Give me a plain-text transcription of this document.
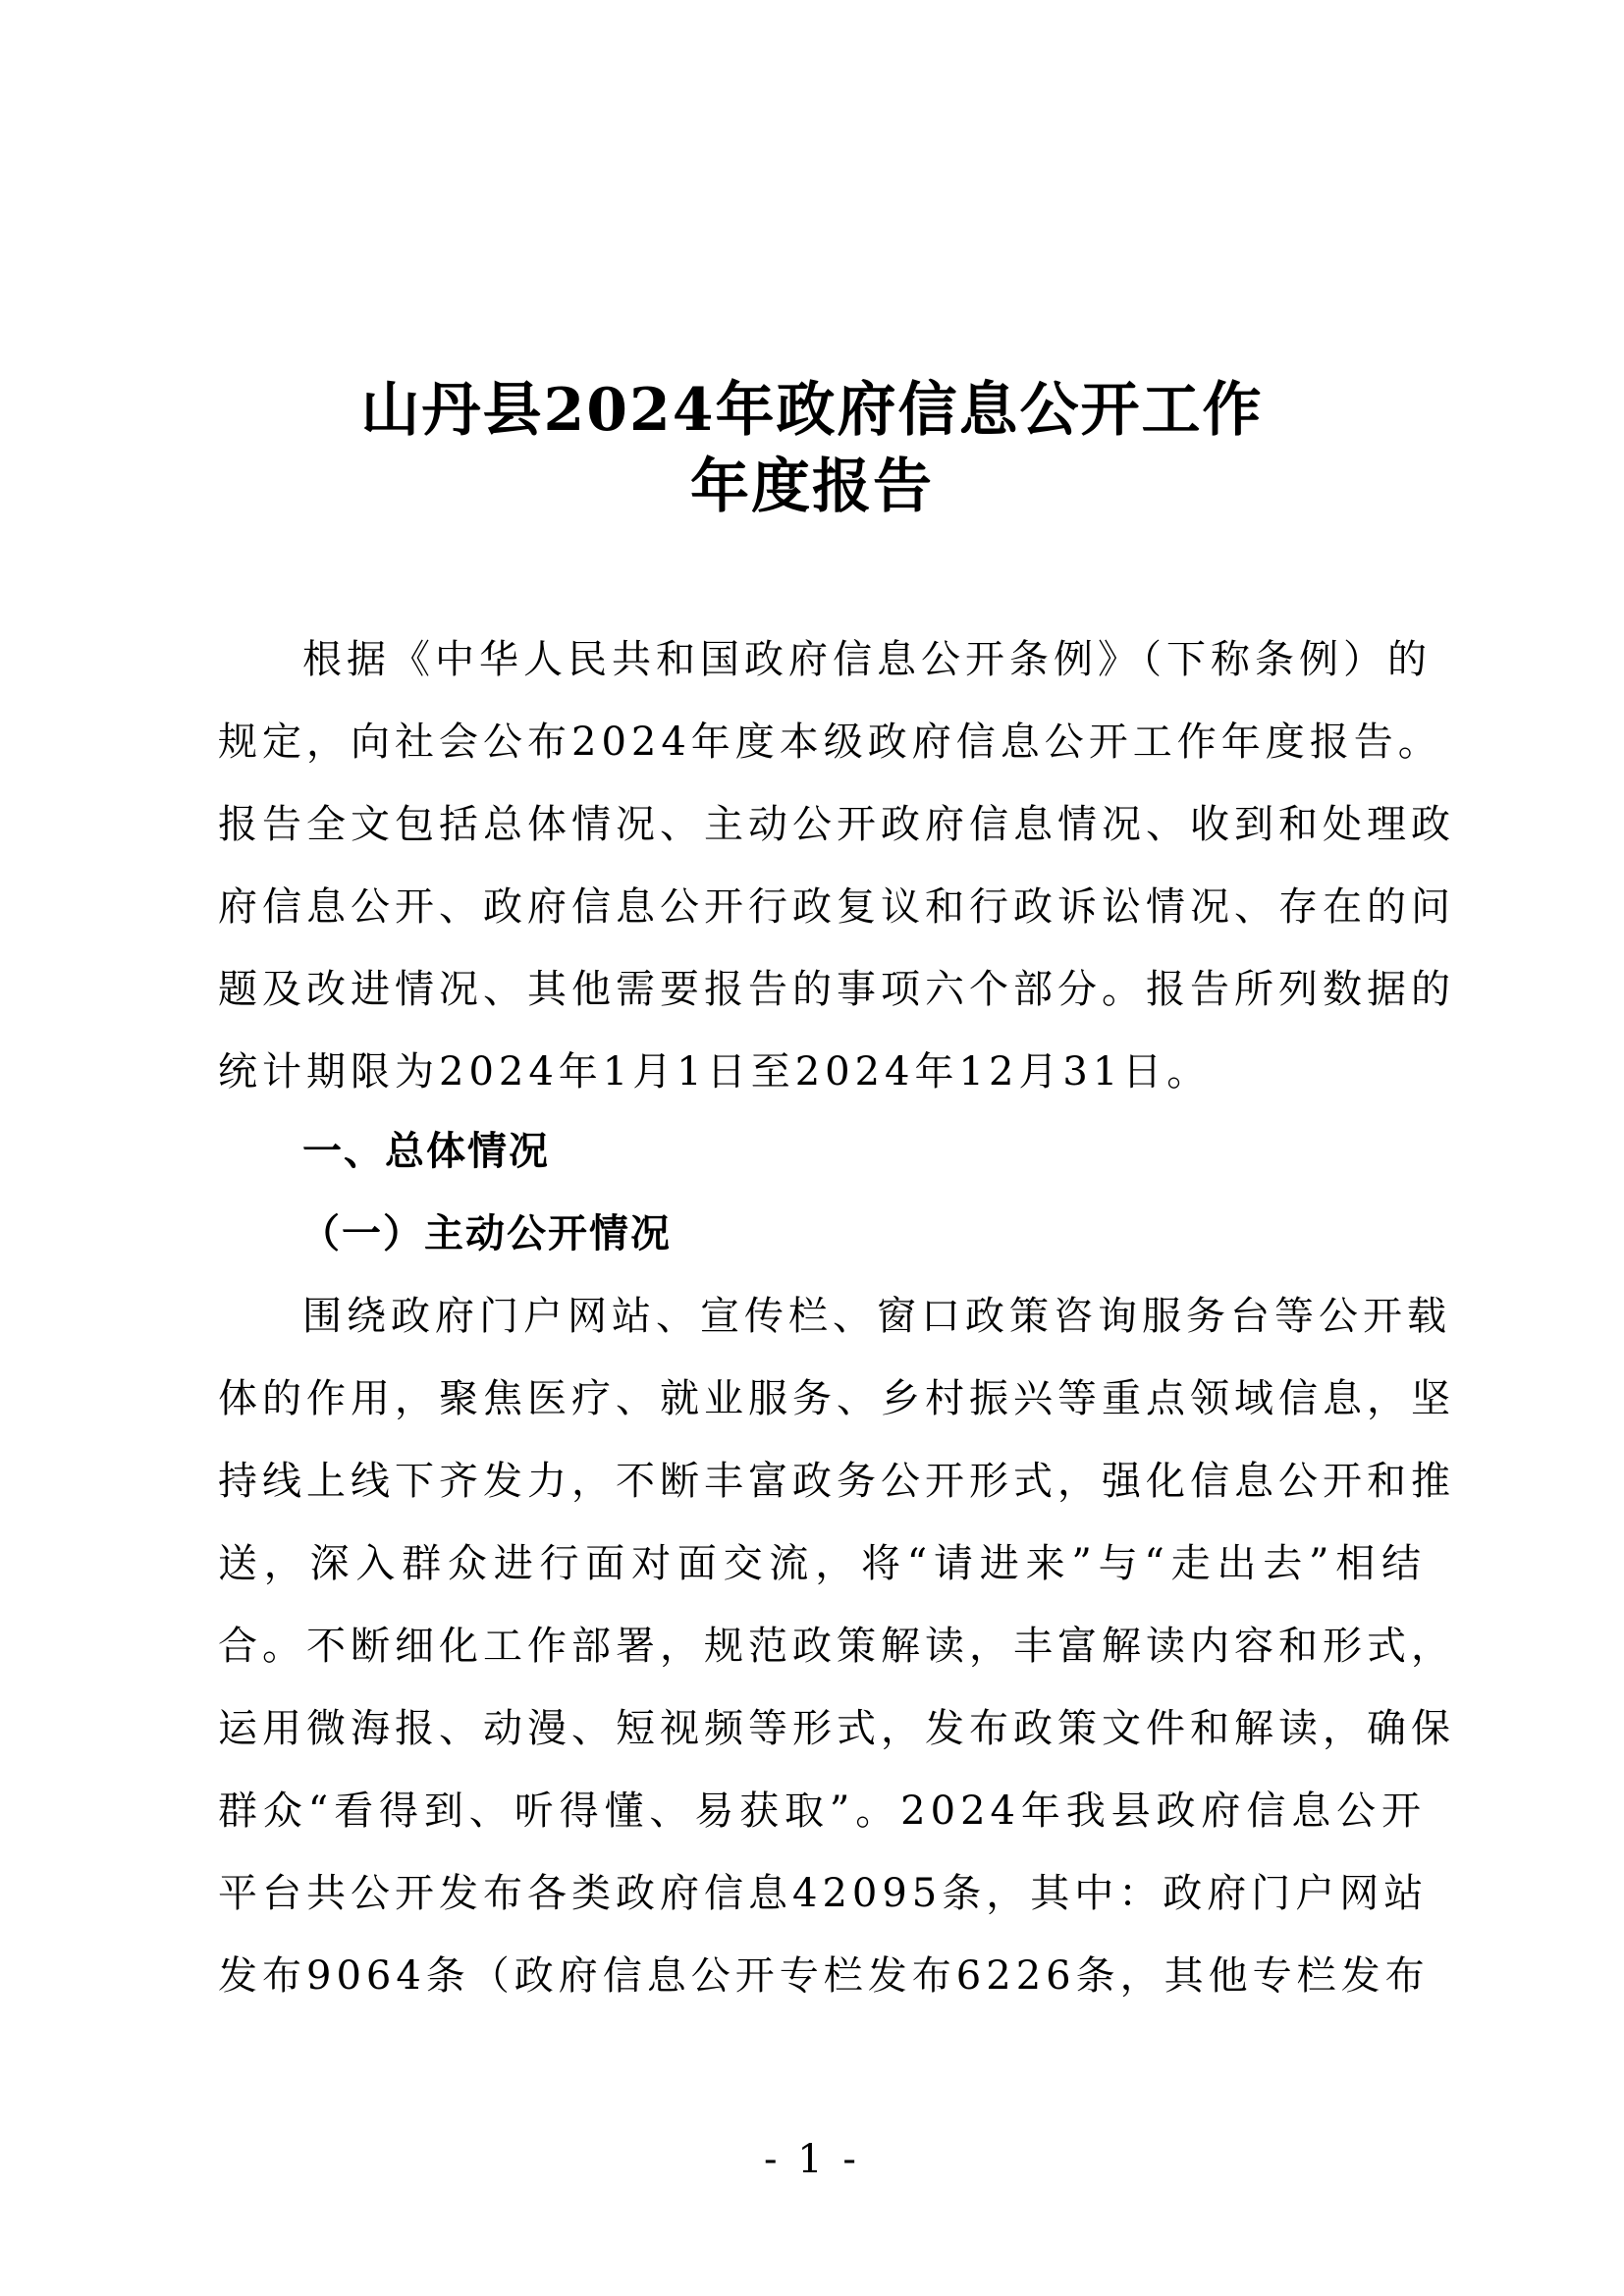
山丹县2024年政府信息公开工作
年度报告
根据《中华人民共和国政府信息公开条例》（下称条例）的
规定，向社会公布2024年度本级政府信息公开工作年度报告。
报告全文包括总体情况、主动公开政府信息情况、收到和处理政
府信息公开、政府信息公开行政复议和行政诉讼情况、存在的问
题及改进情况、其他需要报告的事项六个部分。报告所列数据的
统计期限为2024年1月1日至2024年12月31日。
一、总体情况
（一）主动公开情况
围绕政府门户网站、宣传栏、窗口政策咨询服务台等公开载
体的作用，聚焦医疗、就业服务、乡村振兴等重点领域信息，坚
持线上线下齐发力，不断丰富政务公开形式，强化信息公开和推
送，深入群众进行面对面交流，将“请进来”与“走出去”相结
合。不断细化工作部署，规范政策解读，丰富解读内容和形式，
运用微海报、动漫、短视频等形式，发布政策文件和解读，确保
群众“看得到、听得懂、易获取”。2024年我县政府信息公开
平台共公开发布各类政府信息42095条，其中：政府门户网站
发布9064条（政府信息公开专栏发布6226条，其他专栏发布
- 1 -
